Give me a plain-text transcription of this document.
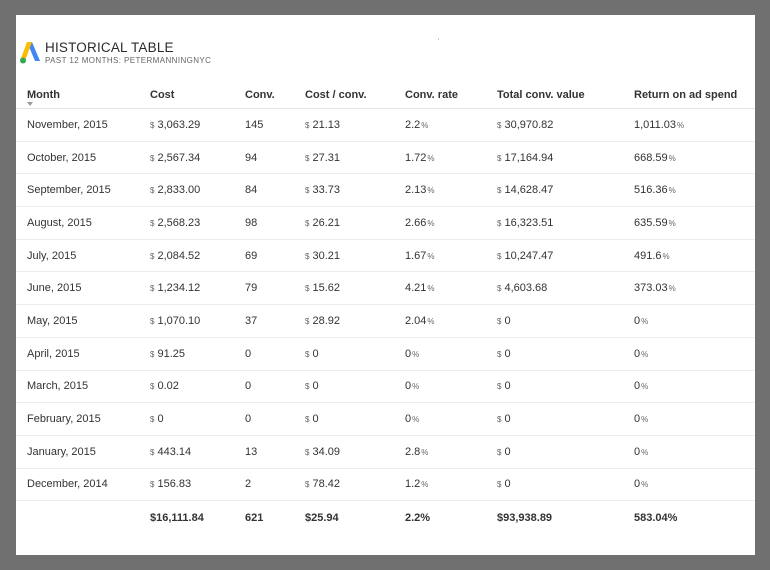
HISTORICAL TABLE
PAST 12 MONTHS: PETERMANNINGNYC
Month	Cost	Conv.	Cost / conv.	Conv. rate	Total conv. value	Return on ad spend
November, 2015	$ 3,063.29	145	$ 21.13	2.2%	$ 30,970.82	1,011.03%
October, 2015	$ 2,567.34	94	$ 27.31	1.72%	$ 17,164.94	668.59%
September, 2015	$ 2,833.00	84	$ 33.73	2.13%	$ 14,628.47	516.36%
August, 2015	$ 2,568.23	98	$ 26.21	2.66%	$ 16,323.51	635.59%
July, 2015	$ 2,084.52	69	$ 30.21	1.67%	$ 10,247.47	491.6%
June, 2015	$ 1,234.12	79	$ 15.62	4.21%	$ 4,603.68	373.03%
May, 2015	$ 1,070.10	37	$ 28.92	2.04%	$ 0	0%
April, 2015	$ 91.25	0	$ 0	0%	$ 0	0%
March, 2015	$ 0.02	0	$ 0	0%	$ 0	0%
February, 2015	$ 0	0	$ 0	0%	$ 0	0%
January, 2015	$ 443.14	13	$ 34.09	2.8%	$ 0	0%
December, 2014	$ 156.83	2	$ 78.42	1.2%	$ 0	0%
	$16,111.84	621	$25.94	2.2%	$93,938.89	583.04%
